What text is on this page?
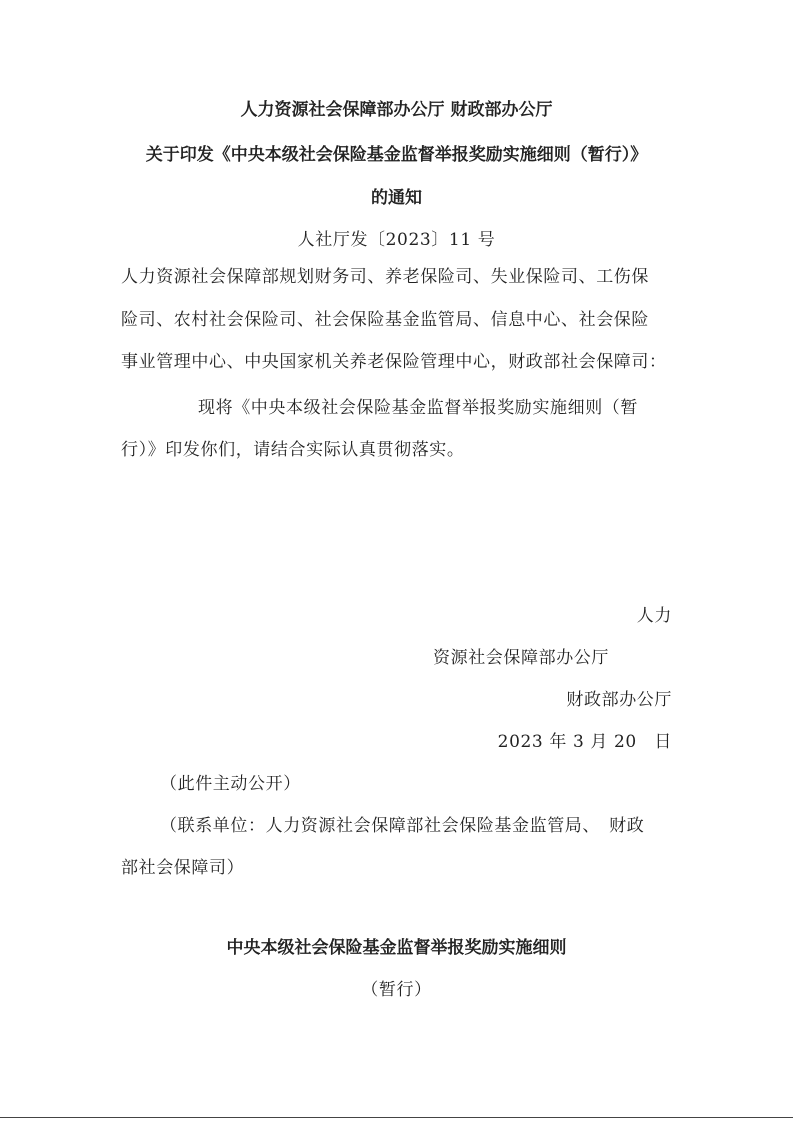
人力资源社会保障部办公厅 财政部办公厅
关于印发《中央本级社会保险基金监督举报奖励实施细则（暂行）》
的通知
人社厅发〔2023〕11 号
人力资源社会保障部规划财务司、养老保险司、失业保险司、工伤保
险司、农村社会保险司、社会保险基金监管局、信息中心、社会保险
事业管理中心、中央国家机关养老保险管理中心，财政部社会保障司：
现将《中央本级社会保险基金监督举报奖励实施细则（暂
行）》印发你们，请结合实际认真贯彻落实。
人力
资源社会保障部办公厅
财政部办公厅
2023 年 3 月 20　日
（此件主动公开）
（联系单位：人力资源社会保障部社会保险基金监管局、　财政
部社会保障司）
中央本级社会保险基金监督举报奖励实施细则
（暂行）
